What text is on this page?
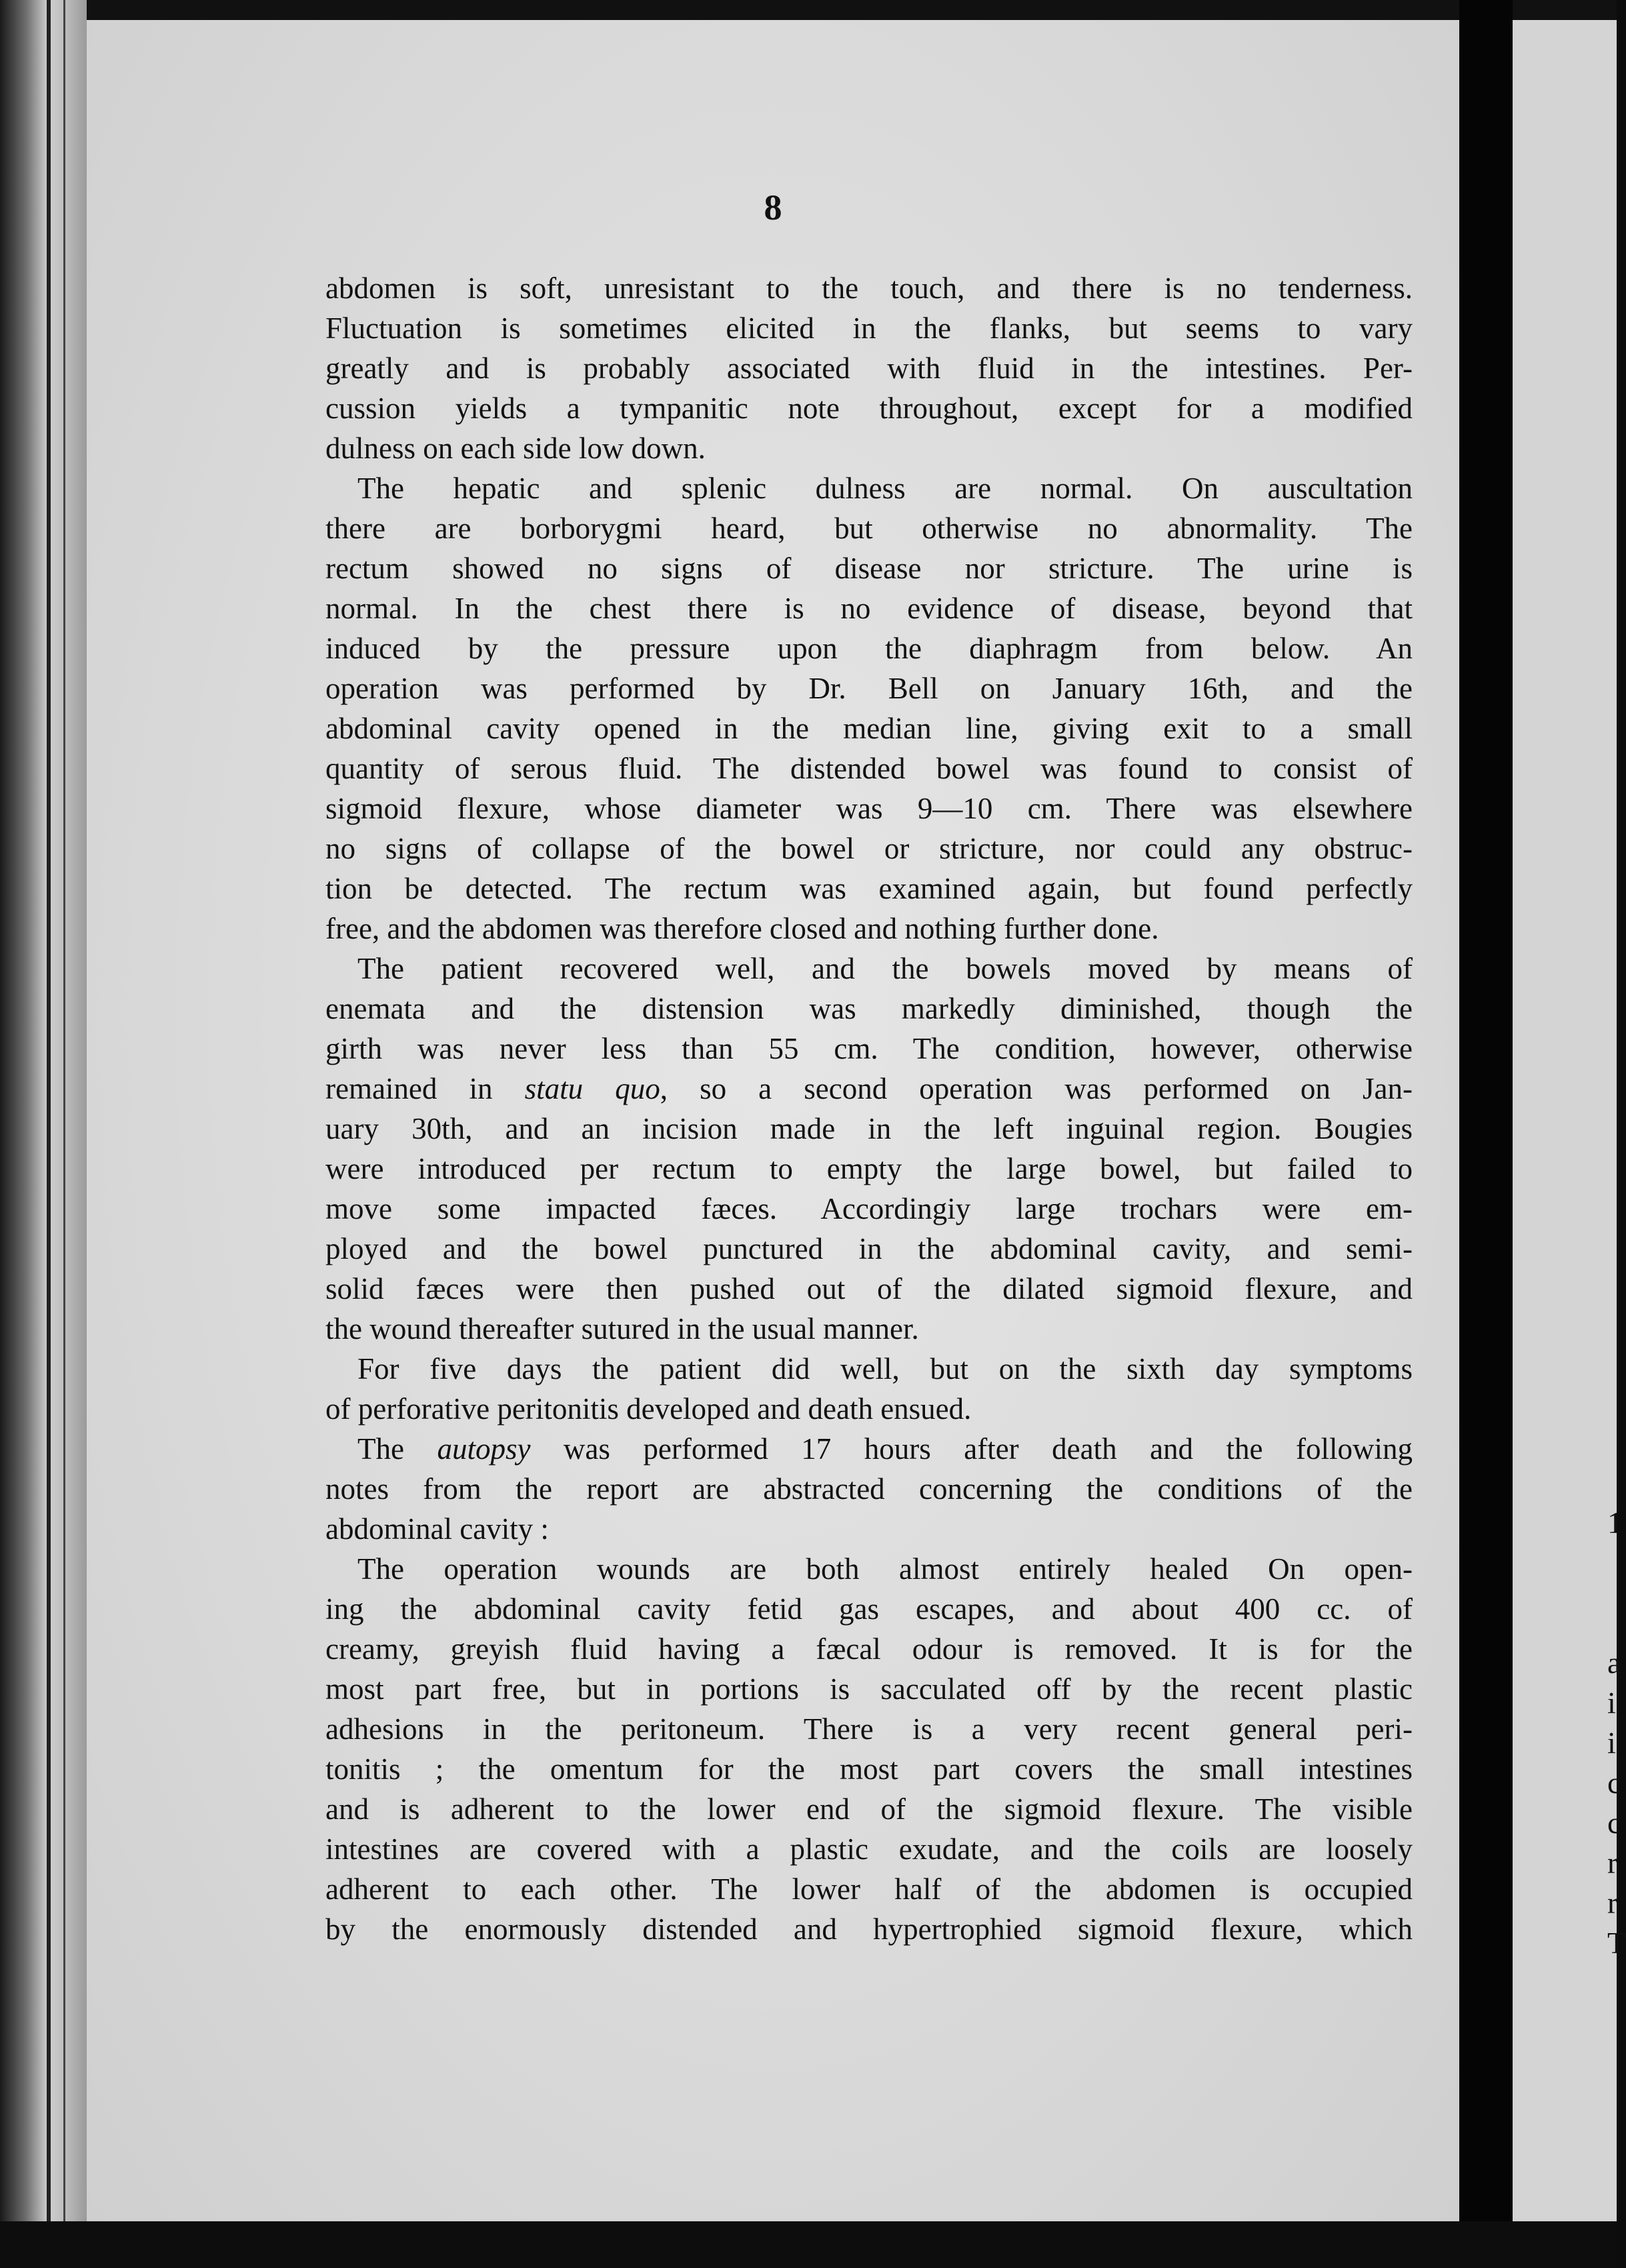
8
abdomen is soft, unresistant to the touch, and there is no tenderness.
Fluctuation is sometimes elicited in the flanks, but seems to vary
greatly and is probably associated with fluid in the intestines. Per-
cussion yields a tympanitic note throughout, except for a modified
dulness on each side low down.
The hepatic and splenic dulness are normal. On auscultation
there are borborygmi heard, but otherwise no abnormality. The
rectum showed no signs of disease nor stricture. The urine is
normal. In the chest there is no evidence of disease, beyond that
induced by the pressure upon the diaphragm from below. An
operation was performed by Dr. Bell on January 16th, and the
abdominal cavity opened in the median line, giving exit to a small
quantity of serous fluid. The distended bowel was found to consist of
sigmoid flexure, whose diameter was 9—10 cm. There was elsewhere
no signs of collapse of the bowel or stricture, nor could any obstruc-
tion be detected. The rectum was examined again, but found perfectly
free, and the abdomen was therefore closed and nothing further done.
The patient recovered well, and the bowels moved by means of
enemata and the distension was markedly diminished, though the
girth was never less than 55 cm. The condition, however, otherwise
remained in statu quo, so a second operation was performed on Jan-
uary 30th, and an incision made in the left inguinal region. Bougies
were introduced per rectum to empty the large bowel, but failed to
move some impacted fæces. Accordingiy large trochars were em-
ployed and the bowel punctured in the abdominal cavity, and semi-
solid fæces were then pushed out of the dilated sigmoid flexure, and
the wound thereafter sutured in the usual manner.
For five days the patient did well, but on the sixth day symptoms
of perforative peritonitis developed and death ensued.
The autopsy was performed 17 hours after death and the following
notes from the report are abstracted concerning the conditions of the
abdominal cavity :
The operation wounds are both almost entirely healed On open-
ing the abdominal cavity fetid gas escapes, and about 400 cc. of
creamy, greyish fluid having a fæcal odour is removed. It is for the
most part free, but in portions is sacculated off by the recent plastic
adhesions in the peritoneum. There is a very recent general peri-
tonitis ; the omentum for the most part covers the small intestines
and is adherent to the lower end of the sigmoid flexure. The visible
intestines are covered with a plastic exudate, and the coils are loosely
adherent to each other. The lower half of the abdomen is occupied
by the enormously distended and hypertrophied sigmoid flexure, which
1
a
i
i
c
c
r
r
T
